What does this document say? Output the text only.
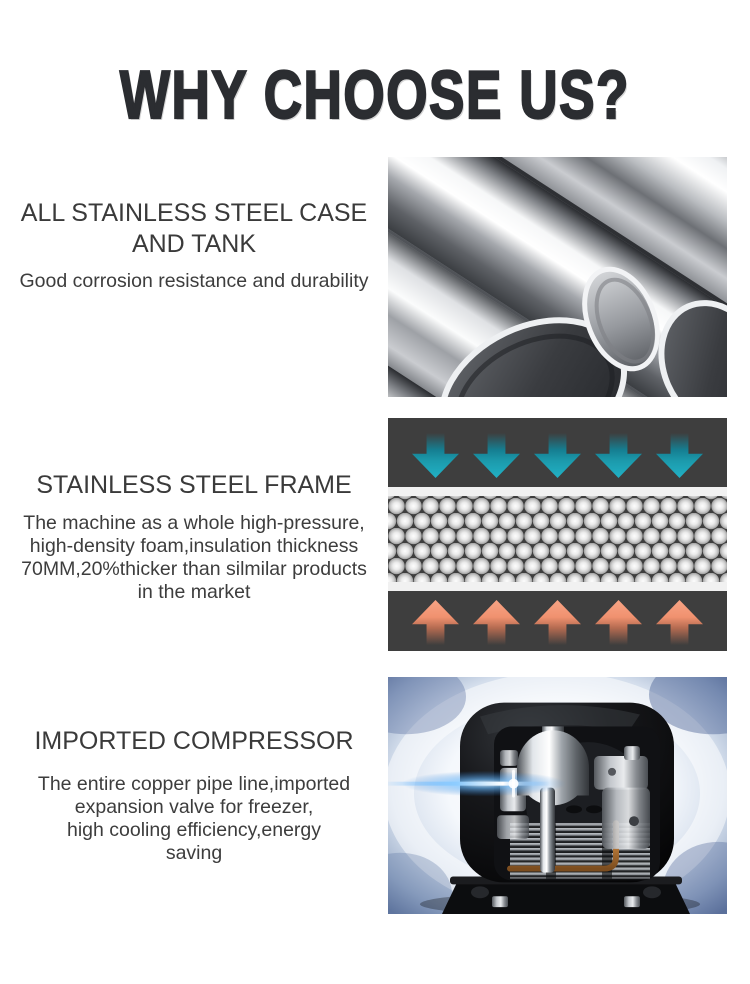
WHY CHOOSE US?
ALL STAINLESS STEEL CASE
AND TANK
Good corrosion resistance and durability
STAINLESS STEEL FRAME
The machine as a whole high-pressure,
high-density foam,insulation thickness
70MM,20%thicker than silmilar products
in the market
IMPORTED COMPRESSOR
The entire copper pipe line,imported
expansion valve for freezer,
high cooling efficiency,energy
saving
